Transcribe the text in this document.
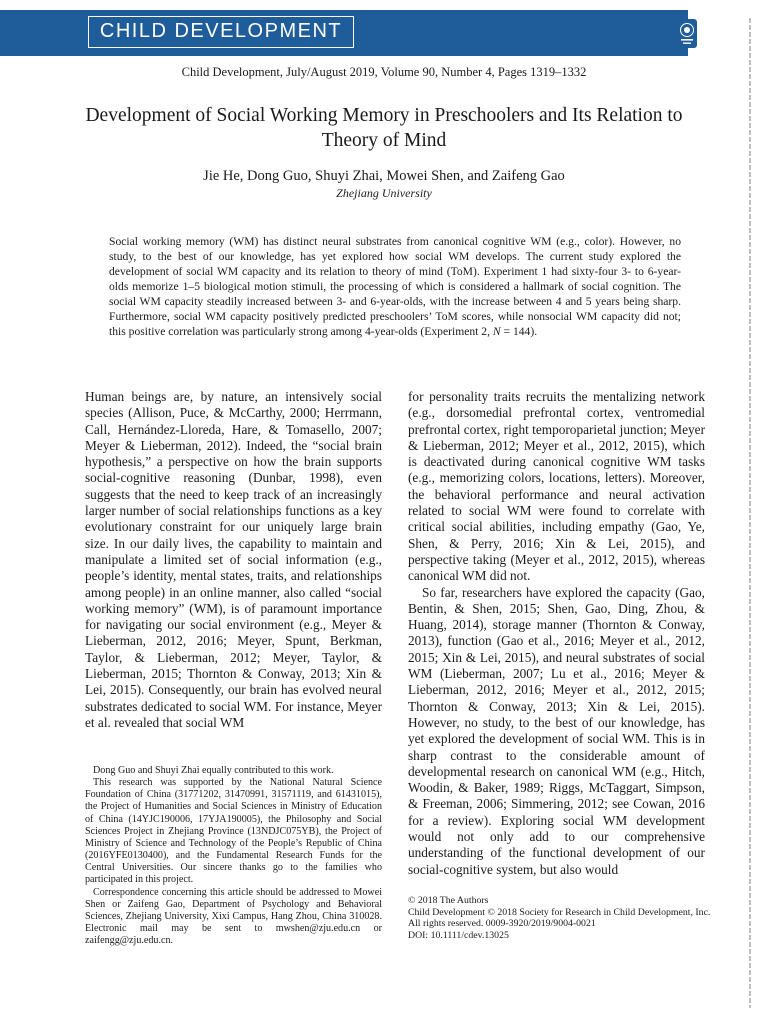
CHILD DEVELOPMENT
Child Development, July/August 2019, Volume 90, Number 4, Pages 1319–1332
Development of Social Working Memory in Preschoolers and Its Relation to Theory of Mind
Jie He, Dong Guo, Shuyi Zhai, Mowei Shen, and Zaifeng Gao
Zhejiang University

Social working memory (WM) has distinct neural substrates from canonical cognitive WM (e.g., color). However, no study, to the best of our knowledge, has yet explored how social WM develops. The current study explored the development of social WM capacity and its relation to theory of mind (ToM). Experiment 1 had sixty-four 3- to 6-year-olds memorize 1–5 biological motion stimuli, the processing of which is considered a hallmark of social cognition. The social WM capacity steadily increased between 3- and 6-year-olds, with the increase between 4 and 5 years being sharp. Furthermore, social WM capacity positively predicted preschoolers’ ToM scores, while nonsocial WM capacity did not; this positive correlation was particularly strong among 4-year-olds (Experiment 2, N = 144).

Human beings are, by nature, an intensively social species (Allison, Puce, & McCarthy, 2000; Herrmann, Call, Hernández-Lloreda, Hare, & Tomasello, 2007; Meyer & Lieberman, 2012). Indeed, the “social brain hypothesis,” a perspective on how the brain supports social-cognitive reasoning (Dunbar, 1998), even suggests that the need to keep track of an increasingly larger number of social relationships functions as a key evolutionary constraint for our uniquely large brain size. In our daily lives, the capability to maintain and manipulate a limited set of social information (e.g., people’s identity, mental states, traits, and relationships among people) in an online manner, also called “social working memory” (WM), is of paramount importance for navigating our social environment (e.g., Meyer & Lieberman, 2012, 2016; Meyer, Spunt, Berkman, Taylor, & Lieberman, 2012; Meyer, Taylor, & Lieberman, 2015; Thornton & Conway, 2013; Xin & Lei, 2015). Consequently, our brain has evolved neural substrates dedicated to social WM. For instance, Meyer et al. revealed that social WM

for personality traits recruits the mentalizing network (e.g., dorsomedial prefrontal cortex, ventromedial prefrontal cortex, right temporoparietal junction; Meyer & Lieberman, 2012; Meyer et al., 2012, 2015), which is deactivated during canonical cognitive WM tasks (e.g., memorizing colors, locations, letters). Moreover, the behavioral performance and neural activation related to social WM were found to correlate with critical social abilities, including empathy (Gao, Ye, Shen, & Perry, 2016; Xin & Lei, 2015), and perspective taking (Meyer et al., 2012, 2015), whereas canonical WM did not.

So far, researchers have explored the capacity (Gao, Bentin, & Shen, 2015; Shen, Gao, Ding, Zhou, & Huang, 2014), storage manner (Thornton & Conway, 2013), function (Gao et al., 2016; Meyer et al., 2012, 2015; Xin & Lei, 2015), and neural substrates of social WM (Lieberman, 2007; Lu et al., 2016; Meyer & Lieberman, 2012, 2016; Meyer et al., 2012, 2015; Thornton & Conway, 2013; Xin & Lei, 2015). However, no study, to the best of our knowledge, has yet explored the development of social WM. This is in sharp contrast to the considerable amount of developmental research on canonical WM (e.g., Hitch, Woodin, & Baker, 1989; Riggs, McTaggart, Simpson, & Freeman, 2006; Simmering, 2012; see Cowan, 2016 for a review). Exploring social WM development would not only add to our comprehensive understanding of the functional development of our social-cognitive system, but also would

Dong Guo and Shuyi Zhai equally contributed to this work.

This research was supported by the National Natural Science Foundation of China (31771202, 31470991, 31571119, and 61431015), the Project of Humanities and Social Sciences in Ministry of Education of China (14YJC190006, 17YJA190005), the Philosophy and Social Sciences Project in Zhejiang Province (13NDJC075YB), the Project of Ministry of Science and Technology of the People’s Republic of China (2016YFE0130400), and the Fundamental Research Funds for the Central Universities. Our sincere thanks go to the families who participated in this project.

Correspondence concerning this article should be addressed to Mowei Shen or Zaifeng Gao, Department of Psychology and Behavioral Sciences, Zhejiang University, Xixi Campus, Hang Zhou, China 310028. Electronic mail may be sent to mwshen@zju.edu.cn or zaifengg@zju.edu.cn.

© 2018 The Authors
Child Development © 2018 Society for Research in Child Development, Inc.
All rights reserved. 0009-3920/2019/9004-0021
DOI: 10.1111/cdev.13025
